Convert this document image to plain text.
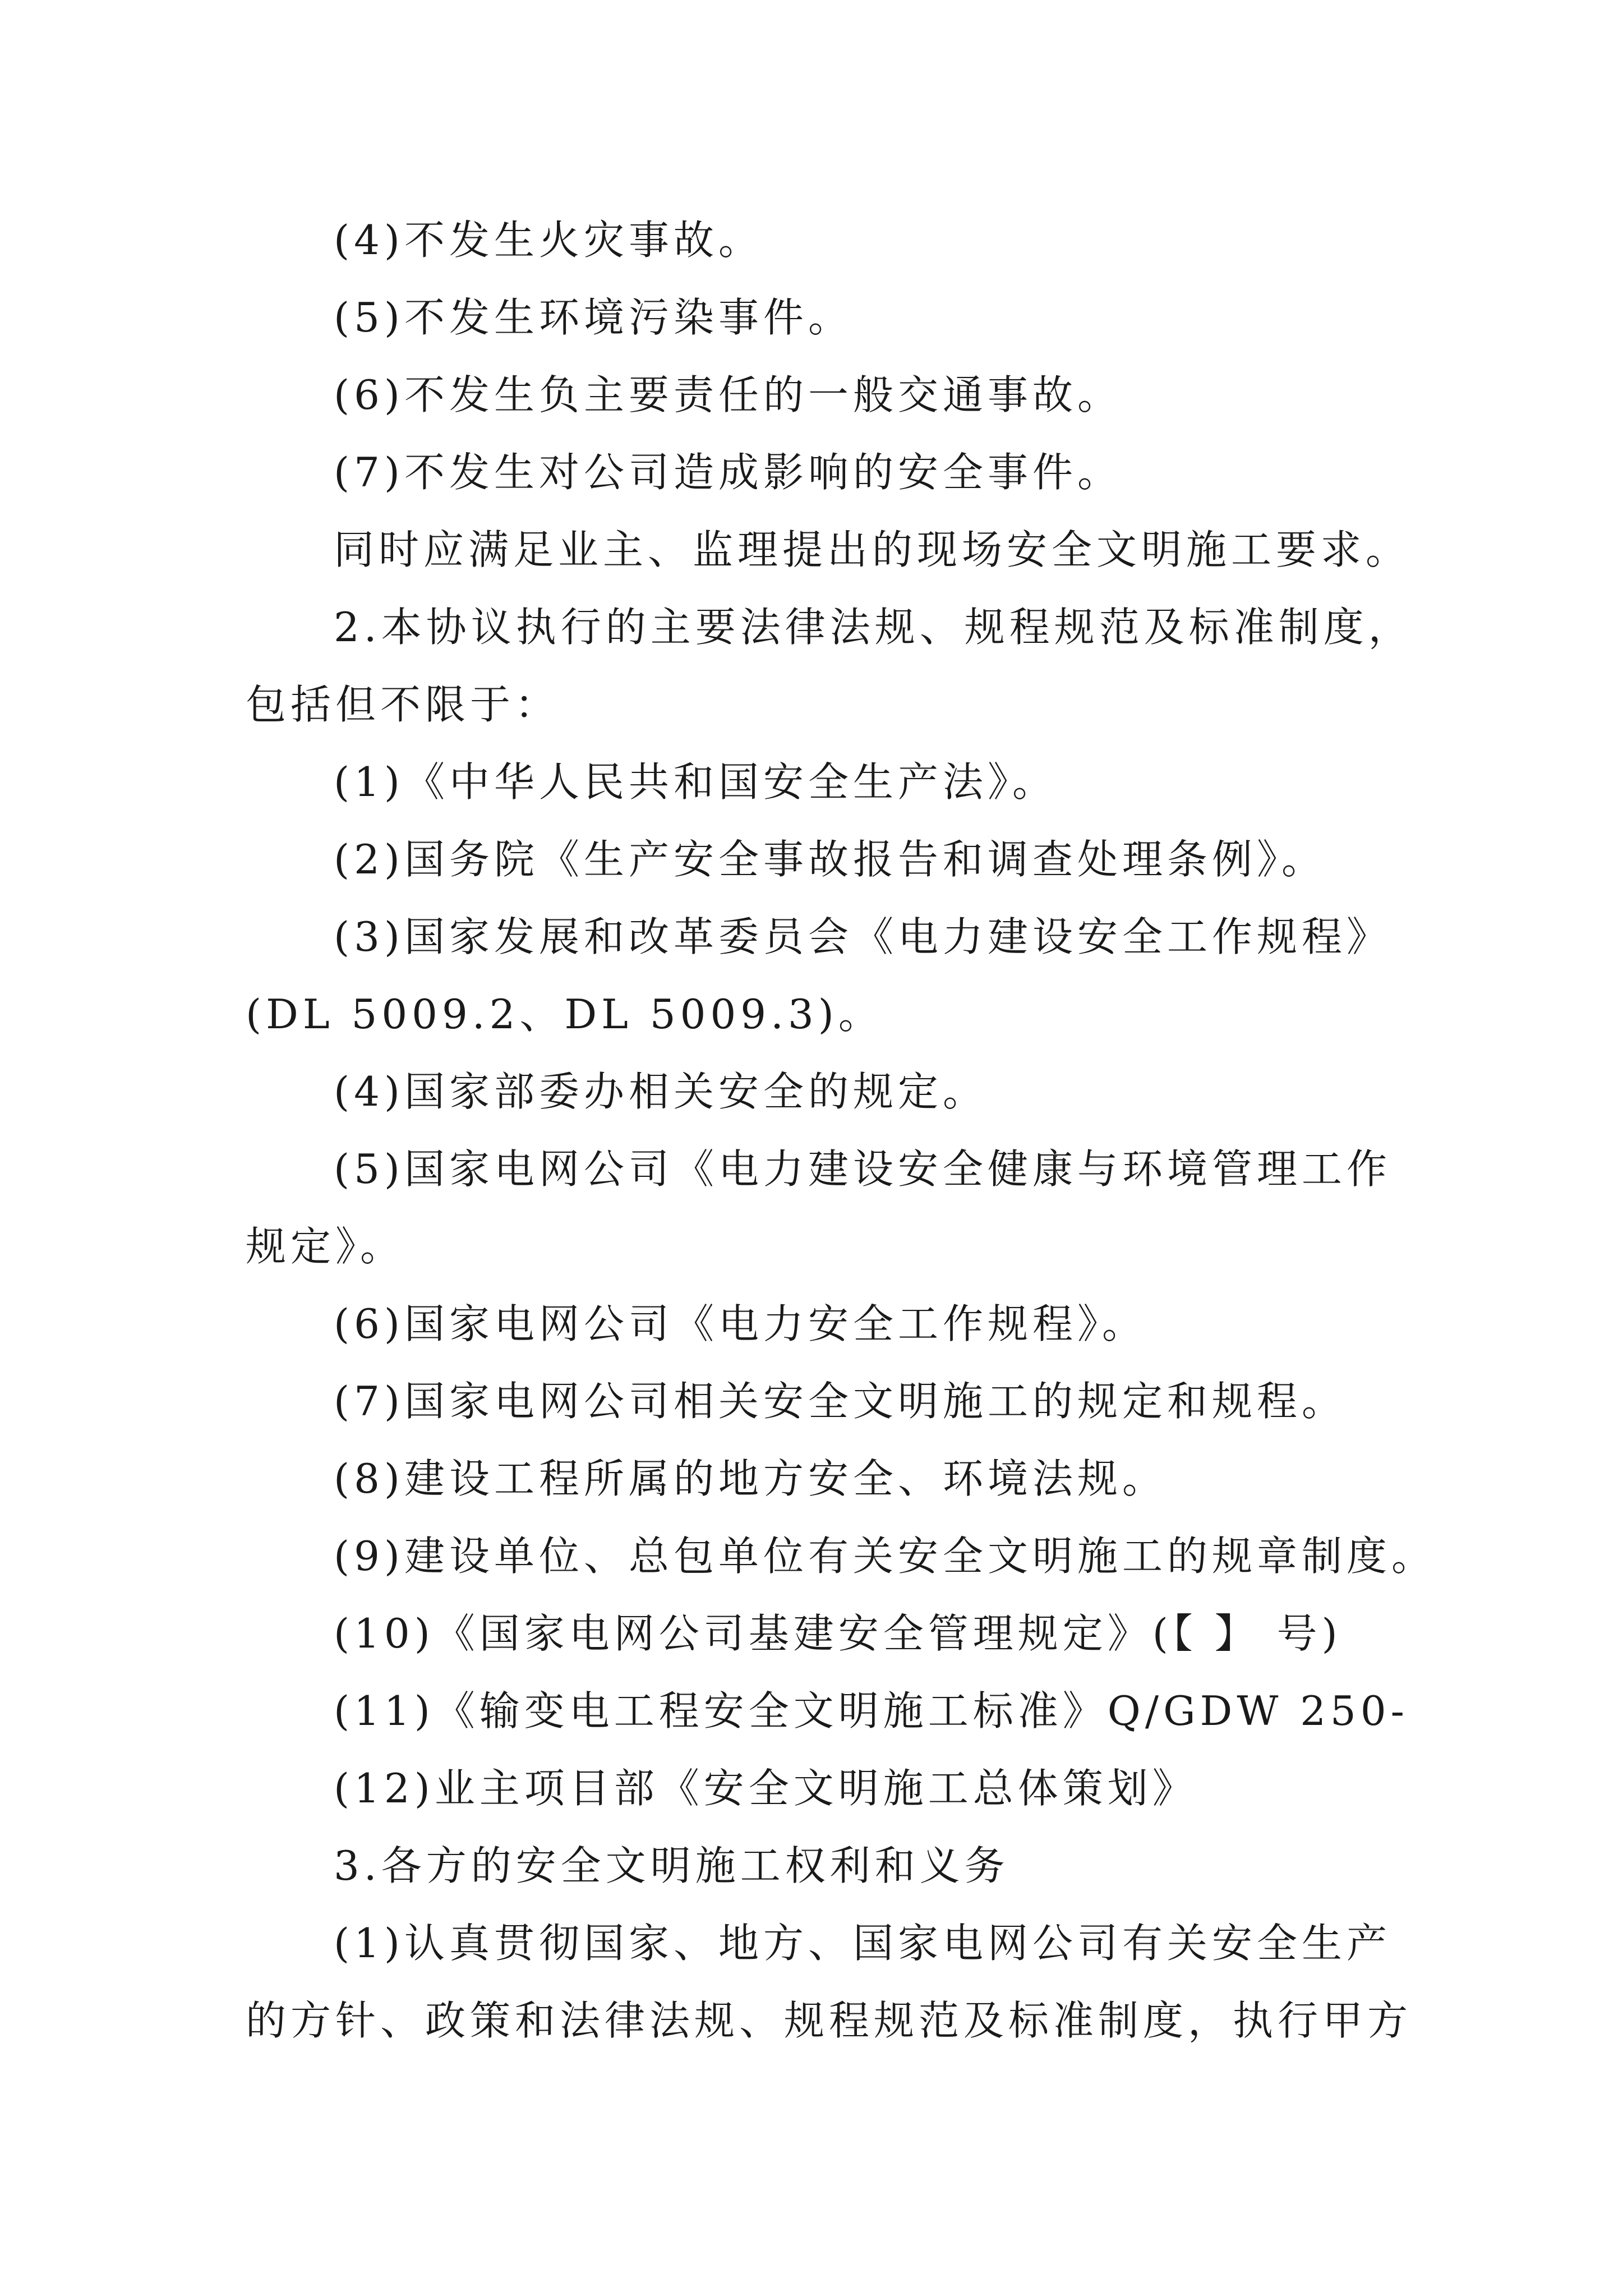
(4)不发生火灾事故。
(5)不发生环境污染事件。
(6)不发生负主要责任的一般交通事故。
(7)不发生对公司造成影响的安全事件。
同时应满足业主、监理提出的现场安全文明施工要求。
2.本协议执行的主要法律法规、规程规范及标准制度，
包括但不限于：
(1)《中华人民共和国安全生产法》。
(2)国务院《生产安全事故报告和调查处理条例》。
(3)国家发展和改革委员会《电力建设安全工作规程》
(DL 5009.2、DL 5009.3)。
(4)国家部委办相关安全的规定。
(5)国家电网公司《电力建设安全健康与环境管理工作
规定》。
(6)国家电网公司《电力安全工作规程》。
(7)国家电网公司相关安全文明施工的规定和规程。
(8)建设工程所属的地方安全、环境法规。
(9)建设单位、总包单位有关安全文明施工的规章制度。
(10)《国家电网公司基建安全管理规定》(【 】 号)
(11)《输变电工程安全文明施工标准》Q/GDW 250-
(12)业主项目部《安全文明施工总体策划》
3.各方的安全文明施工权利和义务
(1)认真贯彻国家、地方、国家电网公司有关安全生产
的方针、政策和法律法规、规程规范及标准制度，执行甲方
